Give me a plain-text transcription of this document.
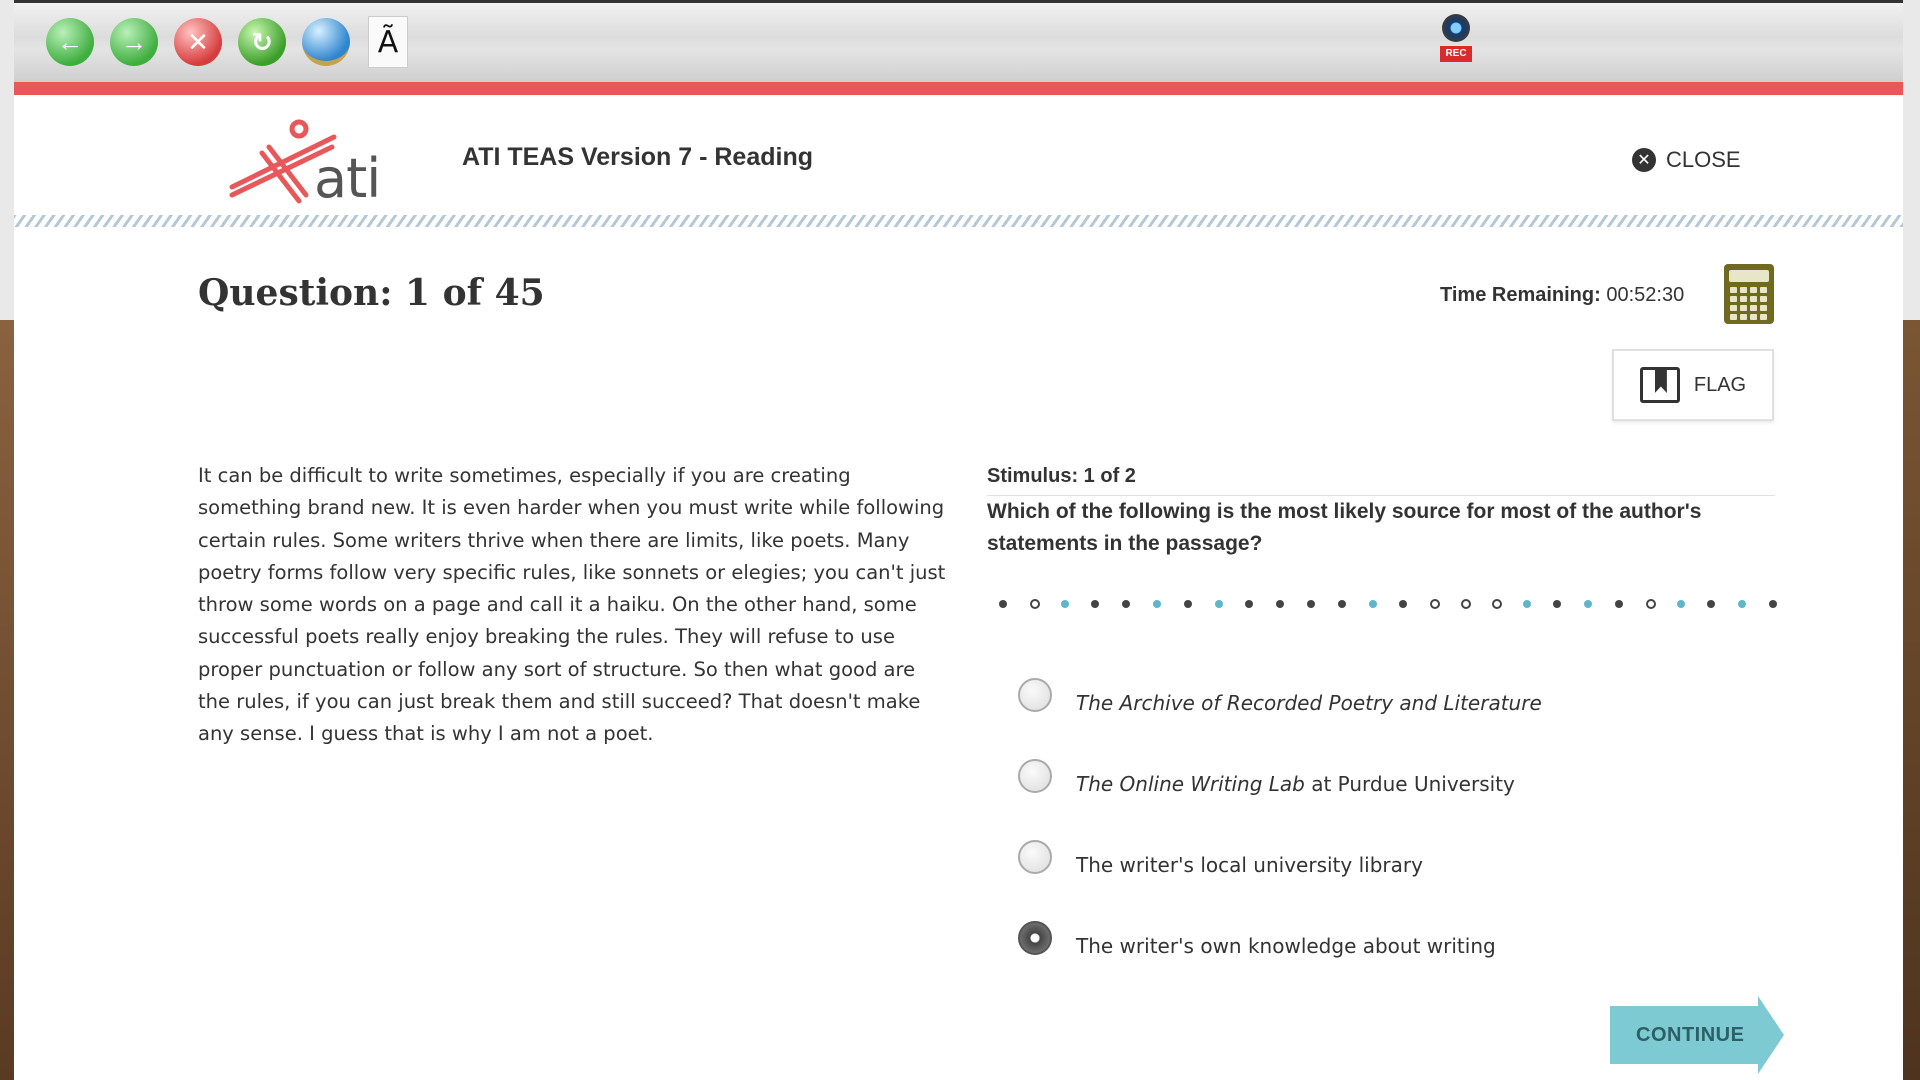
←	→	✕	↻	Ã	REC
ati	ATI TEAS Version 7 - Reading	✕ CLOSE
Question: 1 of 45	Time Remaining: 00:52:30
FLAG
It can be difficult to write sometimes, especially if you are creating something brand new. It is even harder when you must write while following certain rules. Some writers thrive when there are limits, like poets. Many poetry forms follow very specific rules, like sonnets or elegies; you can't just throw some words on a page and call it a haiku. On the other hand, some successful poets really enjoy breaking the rules. They will refuse to use proper punctuation or follow any sort of structure. So then what good are the rules, if you can just break them and still succeed? That doesn't make any sense. I guess that is why I am not a poet.
Stimulus: 1 of 2
Which of the following is the most likely source for most of the author's statements in the passage?
The Archive of Recorded Poetry and Literature
The Online Writing Lab at Purdue University
The writer's local university library
The writer's own knowledge about writing
CONTINUE
